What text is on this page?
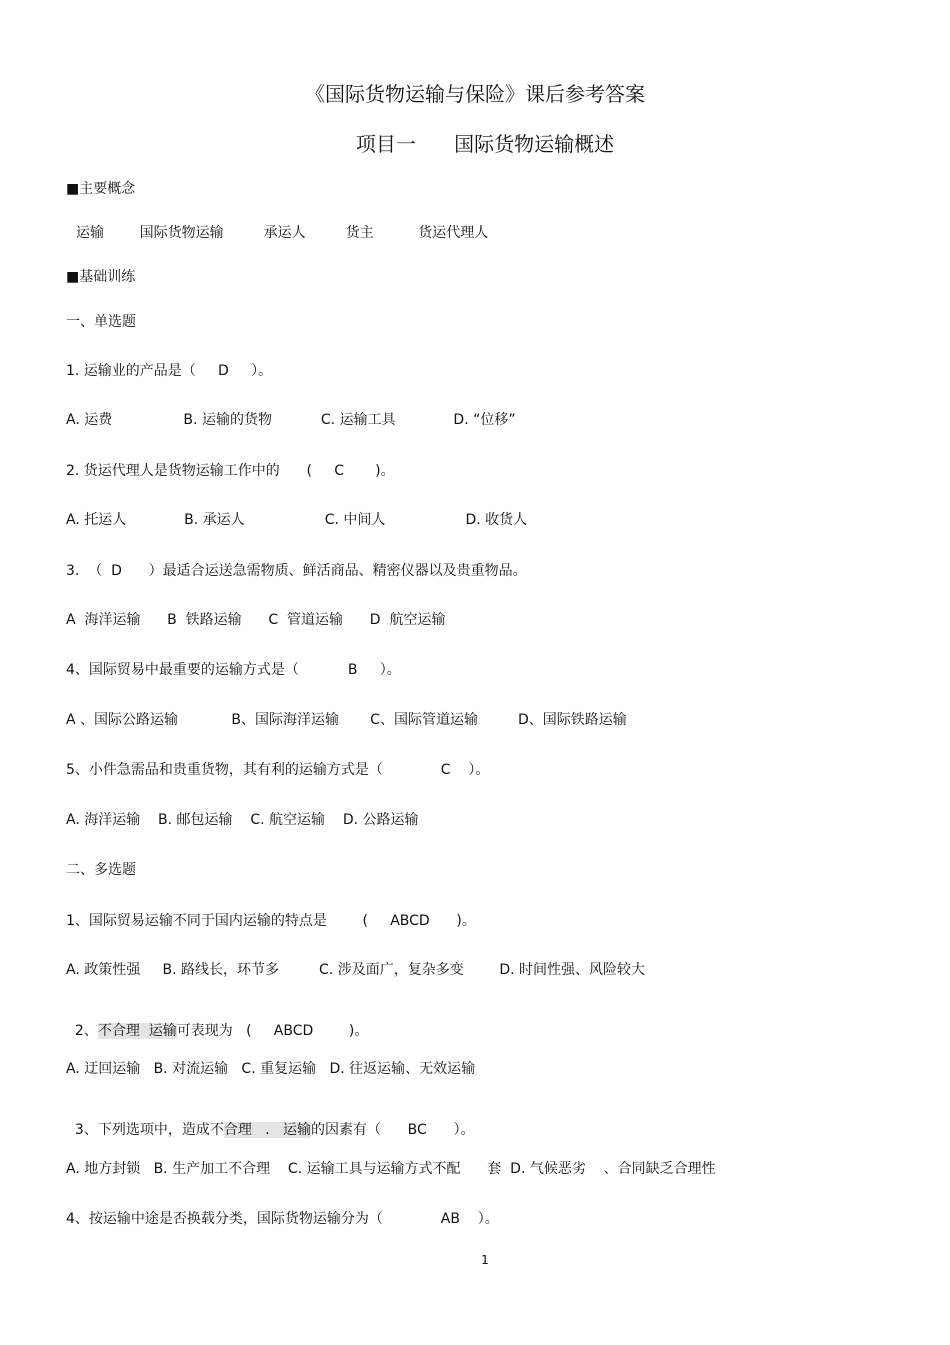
《国际货物运输与保险》课后参考答案
项目一      国际货物运输概述
■主要概念
运输        国际货物运输         承运人         货主          货运代理人
■基础训练
一、单选题
1. 运输业的产品是（     D     ）。
A. 运费                B. 运输的货物           C. 运输工具             D. “位移”
2. 货运代理人是货物运输工作中的      (     C       )。
A. 托运人             B. 承运人                  C. 中间人                  D. 收货人
3.  （  D      ）最适合运送急需物质、鲜活商品、精密仪器以及贵重物品。
A  海洋运输      B  铁路运输      C  管道运输      D  航空运输
4、国际贸易中最重要的运输方式是（           B     ）。
A 、国际公路运输            B、国际海洋运输       C、国际管道运输         D、国际铁路运输
5、小件急需品和贵重货物，其有利的运输方式是（             C    ）。
A. 海洋运输    B. 邮包运输    C. 航空运输    D. 公路运输
二、多选题
1、国际贸易运输不同于国内运输的特点是        (     ABCD      )。
A. 政策性强     B. 路线长，环节多         C. 涉及面广，复杂多变        D. 时间性强、风险较大

2、不合理  运输可表现为   (     ABCD        )。

A. 迂回运输   B. 对流运输   C. 重复运输   D. 往返运输、无效运输

3、下列选项中，造成不合理   .   运输的因素有（      BC      ）。

A. 地方封锁   B. 生产加工不合理    C. 运输工具与运输方式不配      套  D. 气候恶劣    、合同缺乏合理性
4、按运输中途是否换载分类，国际货物运输分为（             AB    ）。
1
